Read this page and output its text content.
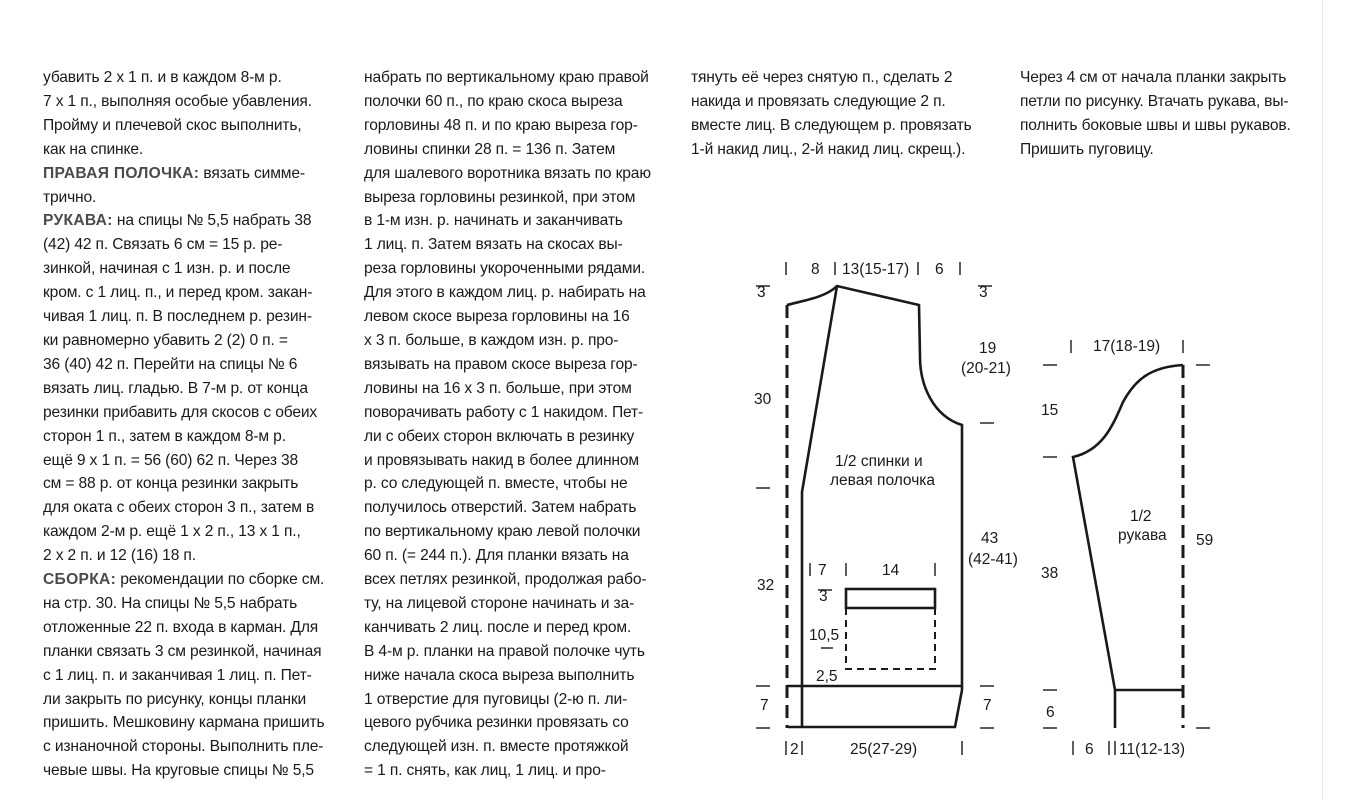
убавить 2 х 1 п. и в каждом 8-м р.

7 х 1 п., выполняя особые убавления.

Пройму и плечевой скос выполнить,

как на спинке.

ПРАВАЯ ПОЛОЧКА: вязать симме-

трично.

РУКАВА: на спицы № 5,5 набрать 38

(42) 42 п. Связать 6 см = 15 р. ре-

зинкой, начиная с 1 изн. р. и после

кром. с 1 лиц. п., и перед кром. закан-

чивая 1 лиц. п. В последнем р. резин-

ки равномерно убавить 2 (2) 0 п. =

36 (40) 42 п. Перейти на спицы № 6

вязать лиц. гладью. В 7-м р. от конца

резинки прибавить для скосов с обеих

сторон 1 п., затем в каждом 8-м р.

ещё 9 х 1 п. = 56 (60) 62 п. Через 38

см = 88 р. от конца резинки закрыть

для оката с обеих сторон 3 п., затем в

каждом 2-м р. ещё 1 х 2 п., 13 х 1 п.,

2 х 2 п. и 12 (16) 18 п.

СБОРКА: рекомендации по сборке см.

на стр. 30. На спицы № 5,5 набрать

отложенные 22 п. входа в карман. Для

планки связать 3 см резинкой, начиная

с 1 лиц. п. и заканчивая 1 лиц. п. Пет-

ли закрыть по рисунку, концы планки

пришить. Мешковину кармана пришить

с изнаночной стороны. Выполнить пле-

чевые швы. На круговые спицы № 5,5

набрать по вертикальному краю правой

полочки 60 п., по краю скоса выреза

горловины 48 п. и по краю выреза гор-

ловины спинки 28 п. = 136 п. Затем

для шалевого воротника вязать по краю

выреза горловины резинкой, при этом

в 1-м изн. р. начинать и заканчивать

1 лиц. п. Затем вязать на скосах вы-

реза горловины укороченными рядами.

Для этого в каждом лиц. р. набирать на

левом скосе выреза горловины на 16

х 3 п. больше, в каждом изн. р. про-

вязывать на правом скосе выреза гор-

ловины на 16 х 3 п. больше, при этом

поворачивать работу с 1 накидом. Пет-

ли с обеих сторон включать в резинку

и провязывать накид в более длинном

р. со следующей п. вместе, чтобы не

получилось отверстий. Затем набрать

по вертикальному краю левой полочки

60 п. (= 244 п.). Для планки вязать на

всех петлях резинкой, продолжая рабо-

ту, на лицевой стороне начинать и за-

канчивать 2 лиц. после и перед кром.

В 4-м р. планки на правой полочке чуть

ниже начала скоса выреза выполнить

1 отверстие для пуговицы (2-ю п. ли-

цевого рубчика резинки провязать со

следующей изн. п. вместе протяжкой

= 1 п. снять, как лиц, 1 лиц. и про-

тянуть её через снятую п., сделать 2

накида и провязать следующие 2 п.

вместе лиц. В следующем р. провязать

1-й накид лиц., 2-й накид лиц. скрещ.).

Через 4 см от начала планки закрыть

петли по рисунку. Втачать рукава, вы-

полнить боковые швы и швы рукавов.

Пришить пуговицу.

8 13(15-17) 6
3	3
19
(20-21)
30
1/2 спинки и
левая полочка
43
(42-41)
32
7	14
3
10,5
2,5
7	7
2	25(27-29)
17(18-19)
15
1/2
рукава 59
38
6
6 11(12-13)
